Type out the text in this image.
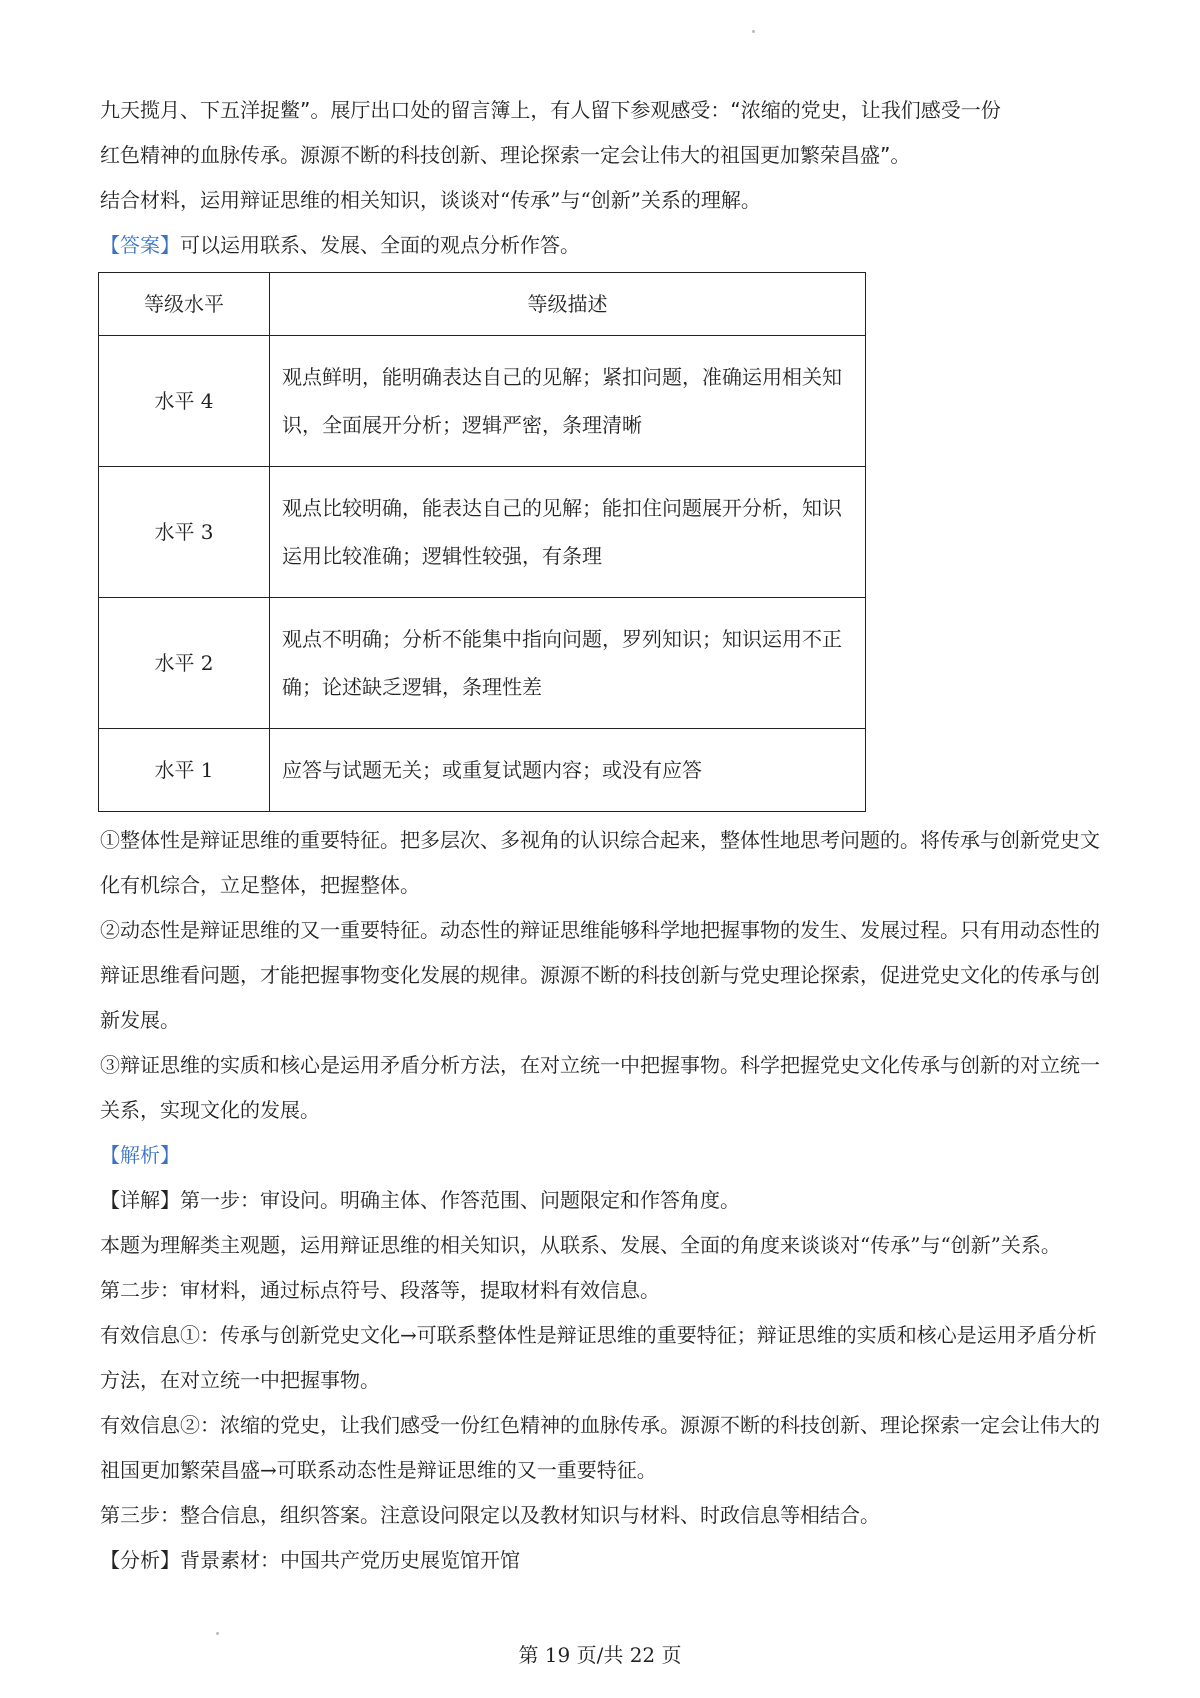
九天揽月、下五洋捉鳖”。展厅出口处的留言簿上，有人留下参观感受：“浓缩的党史，让我们感受一份

红色精神的血脉传承。源源不断的科技创新、理论探索一定会让伟大的祖国更加繁荣昌盛”。

结合材料，运用辩证思维的相关知识，谈谈对“传承”与“创新”关系的理解。

【答案】可以运用联系、发展、全面的观点分析作答。

等级水平	等级描述
水平 4	观点鲜明，能明确表达自己的见解；紧扣问题，准确运用相关知识，全面展开分析；逻辑严密，条理清晰
水平 3	观点比较明确，能表达自己的见解；能扣住问题展开分析，知识运用比较准确；逻辑性较强，有条理
水平 2	观点不明确；分析不能集中指向问题，罗列知识；知识运用不正确；论述缺乏逻辑，条理性差
水平 1	应答与试题无关；或重复试题内容；或没有应答

①整体性是辩证思维的重要特征。把多层次、多视角的认识综合起来，整体性地思考问题的。将传承与创新党史文化有机综合，立足整体，把握整体。

②动态性是辩证思维的又一重要特征。动态性的辩证思维能够科学地把握事物的发生、发展过程。只有用动态性的辩证思维看问题，才能把握事物变化发展的规律。源源不断的科技创新与党史理论探索，促进党史文化的传承与创新发展。

③辩证思维的实质和核心是运用矛盾分析方法，在对立统一中把握事物。科学把握党史文化传承与创新的对立统一关系，实现文化的发展。

【解析】

【详解】第一步：审设问。明确主体、作答范围、问题限定和作答角度。

本题为理解类主观题，运用辩证思维的相关知识，从联系、发展、全面的角度来谈谈对“传承”与“创新”关系。

第二步：审材料，通过标点符号、段落等，提取材料有效信息。

有效信息①：传承与创新党史文化→可联系整体性是辩证思维的重要特征；辩证思维的实质和核心是运用矛盾分析方法，在对立统一中把握事物。

有效信息②：浓缩的党史，让我们感受一份红色精神的血脉传承。源源不断的科技创新、理论探索一定会让伟大的祖国更加繁荣昌盛→可联系动态性是辩证思维的又一重要特征。

第三步：整合信息，组织答案。注意设问限定以及教材知识与材料、时政信息等相结合。

【分析】背景素材：中国共产党历史展览馆开馆

第 19 页/共 22 页
